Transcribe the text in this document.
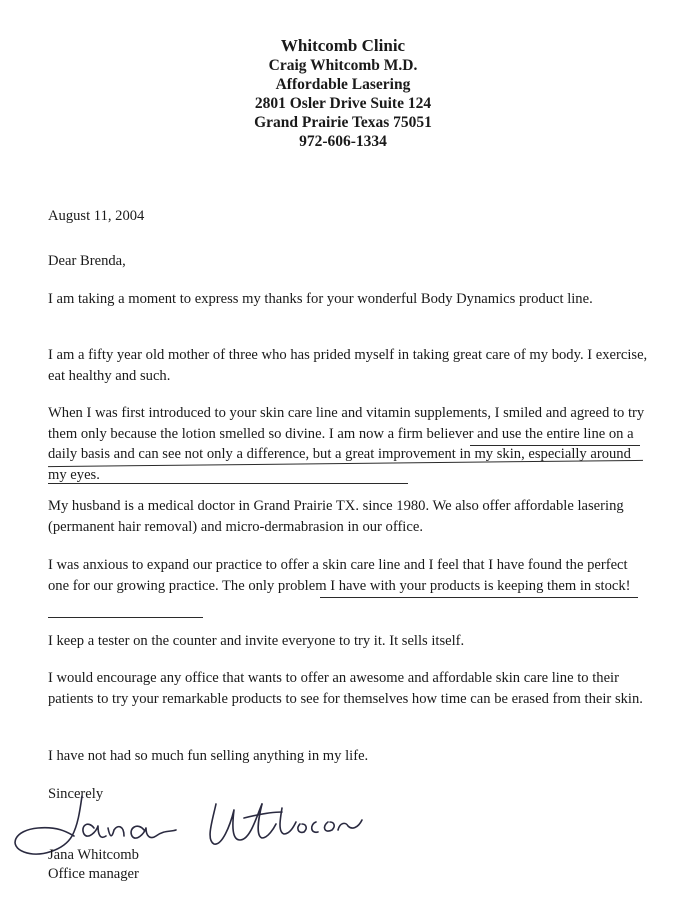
Whitcomb Clinic
Craig Whitcomb M.D.
Affordable Lasering
2801 Osler Drive Suite 124
Grand Prairie Texas 75051
972-606-1334
August 11, 2004
Dear Brenda,
I am taking a moment to express my thanks for your wonderful Body Dynamics product line.
I am a fifty year old mother of three who has prided myself in taking great care of my body. I exercise, eat healthy and such.
When I was first introduced to your skin care line and vitamin supplements, I smiled and agreed to try them only because the lotion smelled so divine. I am now a firm believer and use the entire line on a daily basis and can see not only a difference, but a great improvement in my skin, especially around my eyes.
My husband is a medical doctor in Grand Prairie TX. since 1980. We also offer affordable lasering (permanent hair removal) and micro-dermabrasion in our office.
I was anxious to expand our practice to offer a skin care line and I feel that I have found the perfect one for our growing practice. The only problem I have with your products is keeping them in stock!
I keep a tester on the counter and invite everyone to try it. It sells itself.
I would encourage any office that wants to offer an awesome and affordable skin care line to their patients to try your remarkable products to see for themselves how time can be erased from their skin.
I have not had so much fun selling anything in my life.
Sincerely
Jana Whitcomb
Office manager
